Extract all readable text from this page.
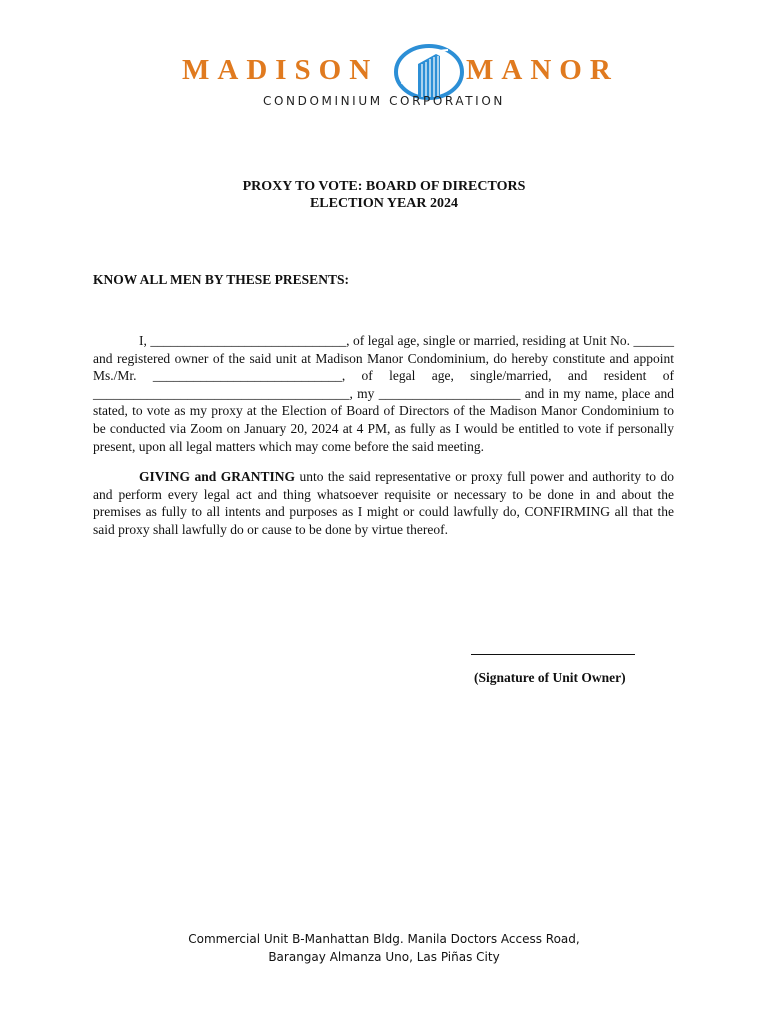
MADISON	MANOR
CONDOMINIUM CORPORATION
PROXY TO VOTE: BOARD OF DIRECTORS
ELECTION YEAR 2024
KNOW ALL MEN BY THESE PRESENTS:

I, _____________________________, of legal age, single or married, residing at Unit No. ______ and registered owner of the said unit at Madison Manor Condominium, do hereby constitute and appoint Ms./Mr. ____________________________, of legal age, single/married, and resident of ______________________________________, my _____________________ and in my name, place and stated, to vote as my proxy at the Election of Board of Directors of the Madison Manor Condominium to be conducted via Zoom on January 20, 2024 at 4 PM, as fully as I would be entitled to vote if personally present, upon all legal matters which may come before the said meeting.

GIVING and GRANTING unto the said representative or proxy full power and authority to do and perform every legal act and thing whatsoever requisite or necessary to be done in and about the premises as fully to all intents and purposes as I might or could lawfully do, CONFIRMING all that the said proxy shall lawfully do or cause to be done by virtue thereof.

(Signature of Unit Owner)
Commercial Unit B-Manhattan Bldg. Manila Doctors Access Road,
Barangay Almanza Uno, Las Piñas City
